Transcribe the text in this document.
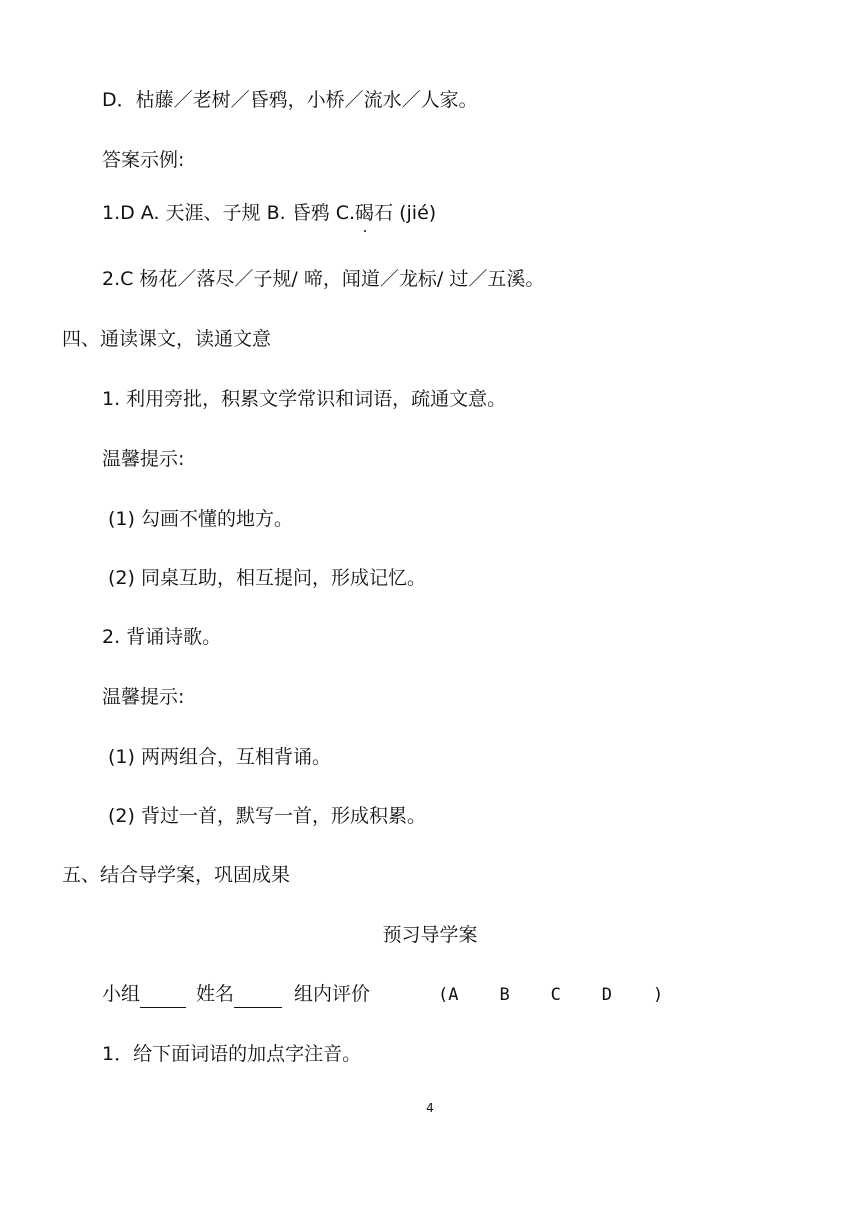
D．枯藤／老树／昏鸦，小桥／流水／人家。
答案示例:
1.D A. 天涯、子规 B. 昏鸦 C.碣石 (jié)
2.C 杨花／落尽／子规/ 啼，闻道／龙标/ 过／五溪。
四、通读课文，读通文意
1. 利用旁批，积累文学常识和词语，疏通文意。
温馨提示:
(1) 勾画不懂的地方。
(2) 同桌互助，相互提问，形成记忆。
2. 背诵诗歌。
温馨提示:
(1) 两两组合，互相背诵。
(2) 背过一首，默写一首，形成积累。
五、结合导学案，巩固成果
预习导学案
小组	姓名	组内评价	(A    B    C    D    )
1．给下面词语的加点字注音。
4
